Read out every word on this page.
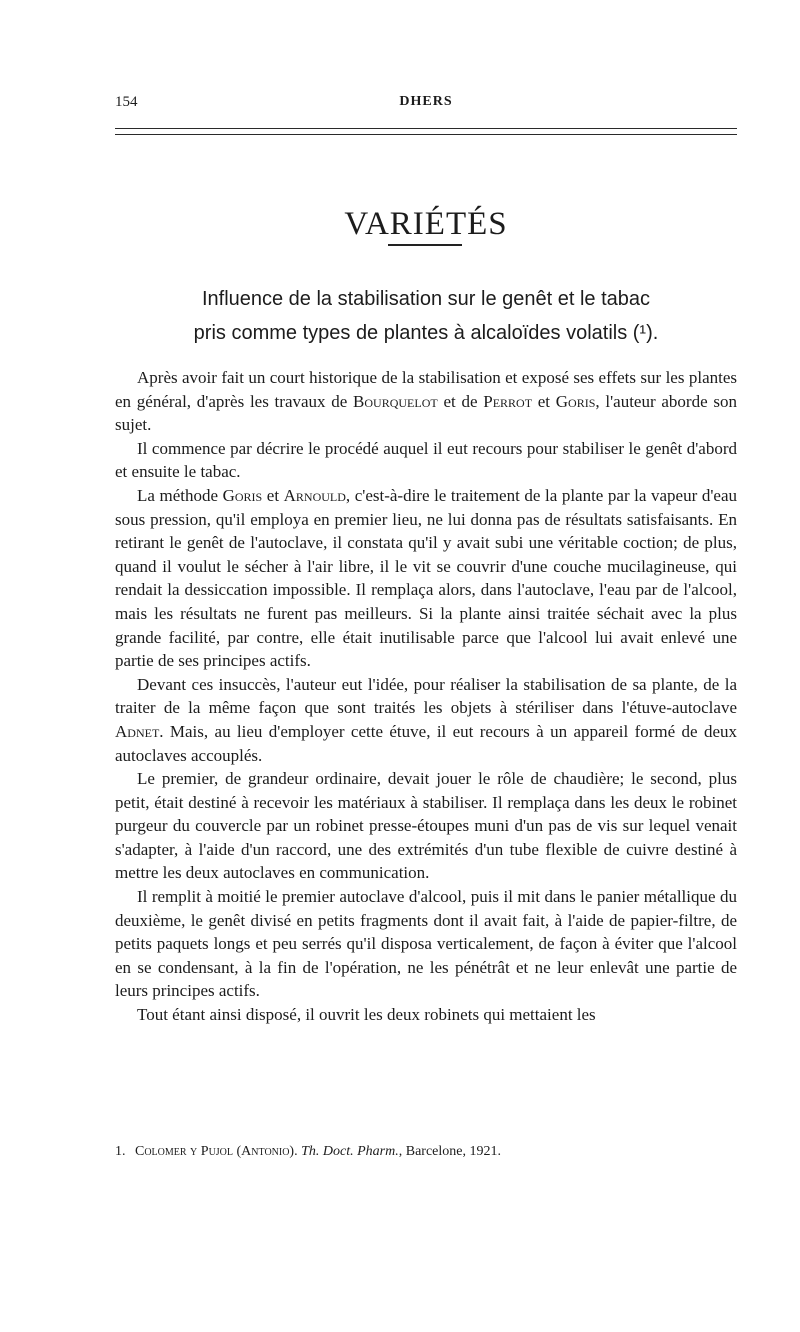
154	DHERS
VARIÉTÉS
Influence de la stabilisation sur le genêt et le tabac
pris comme types de plantes à alcaloïdes volatils (¹).

Après avoir fait un court historique de la stabilisation et exposé ses effets sur les plantes en général, d'après les travaux de Bourquelot et de Perrot et Goris, l'auteur aborde son sujet.

Il commence par décrire le procédé auquel il eut recours pour stabiliser le genêt d'abord et ensuite le tabac.

La méthode Goris et Arnould, c'est-à-dire le traitement de la plante par la vapeur d'eau sous pression, qu'il employa en premier lieu, ne lui donna pas de résultats satisfaisants. En retirant le genêt de l'autoclave, il constata qu'il y avait subi une véritable coction; de plus, quand il voulut le sécher à l'air libre, il le vit se couvrir d'une couche mucilagineuse, qui rendait la dessiccation impossible. Il remplaça alors, dans l'autoclave, l'eau par de l'alcool, mais les résultats ne furent pas meilleurs. Si la plante ainsi traitée séchait avec la plus grande facilité, par contre, elle était inutilisable parce que l'alcool lui avait enlevé une partie de ses principes actifs.

Devant ces insuccès, l'auteur eut l'idée, pour réaliser la stabilisation de sa plante, de la traiter de la même façon que sont traités les objets à stériliser dans l'étuve-autoclave Adnet. Mais, au lieu d'employer cette étuve, il eut recours à un appareil formé de deux autoclaves accouplés.

Le premier, de grandeur ordinaire, devait jouer le rôle de chaudière; le second, plus petit, était destiné à recevoir les matériaux à stabiliser. Il remplaça dans les deux le robinet purgeur du couvercle par un robinet presse-étoupes muni d'un pas de vis sur lequel venait s'adapter, à l'aide d'un raccord, une des extrémités d'un tube flexible de cuivre destiné à mettre les deux autoclaves en communication.

Il remplit à moitié le premier autoclave d'alcool, puis il mit dans le panier métallique du deuxième, le genêt divisé en petits fragments dont il avait fait, à l'aide de papier-filtre, de petits paquets longs et peu serrés qu'il disposa verticalement, de façon à éviter que l'alcool en se condensant, à la fin de l'opération, ne les pénétrât et ne leur enlevât une partie de leurs principes actifs.

Tout étant ainsi disposé, il ouvrit les deux robinets qui mettaient les

1. Colomer y Pujol (Antonio). Th. Doct. Pharm., Barcelone, 1921.
